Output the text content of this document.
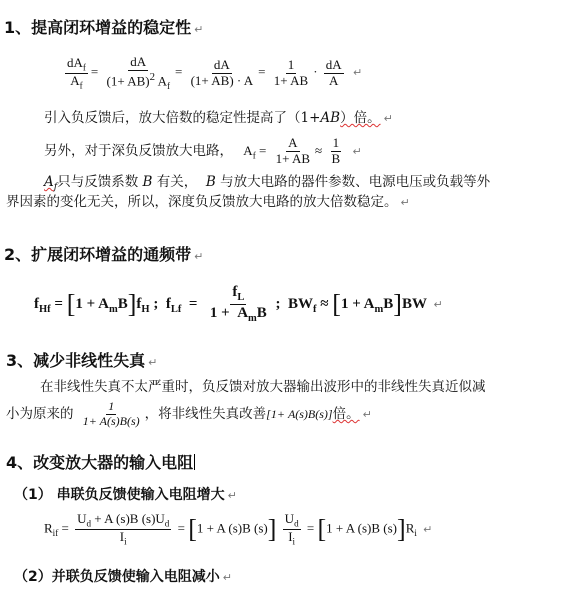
1、提高闭环增益的稳定性 ↵
$\frac{dA_f}{A_f} = \frac{dA}{(1+ AB)^2 A_f} = \frac{dA}{(1+ AB) \cdot A} = \frac{1}{1+ AB} \cdot \frac{dA}{A}$ ↵
引入负反馈后，放大倍数的稳定性提高了（1+AB）倍。 ↵
另外，对于深负反馈放大电路， $A_f = \frac{A}{1+ AB} \approx \frac{1}{B}$ ↵
$A_f$只与反馈系数 B 有关， B 与放大电路的器件参数、电源电压或负载等外
界因素的变化无关，所以，深度负反馈放大电路的放大倍数稳定。 ↵
2、扩展闭环增益的通频带 ↵
$f_{Hf} = [1 + A_mB]f_H$ ;  $f_{Lf} = \frac{f_L}{1 + A_mB}$ ;  $BW_f \approx [1 + A_mB]BW$ ↵
3、减少非线性失真 ↵
在非线性失真不太严重时，负反馈对放大器输出波形中的非线性失真近似减
小为原来的 $\frac{1}{1+ A(s)B(s)}$ ，将非线性失真改善[1+ A(s)B(s)]倍。 ↵
4、改变放大器的输入电阻
（1） 串联负反馈使输入电阻增大 ↵
$R_{if} = \frac{U_d + A (s)B (s)U_d}{I_i} = [1 + A$ (s)B $(s)] \frac{U_d}{I_i} = [1 + A$ (s)B $(s)]R_i$ ↵
（2）并联负反馈使输入电阻减小 ↵
